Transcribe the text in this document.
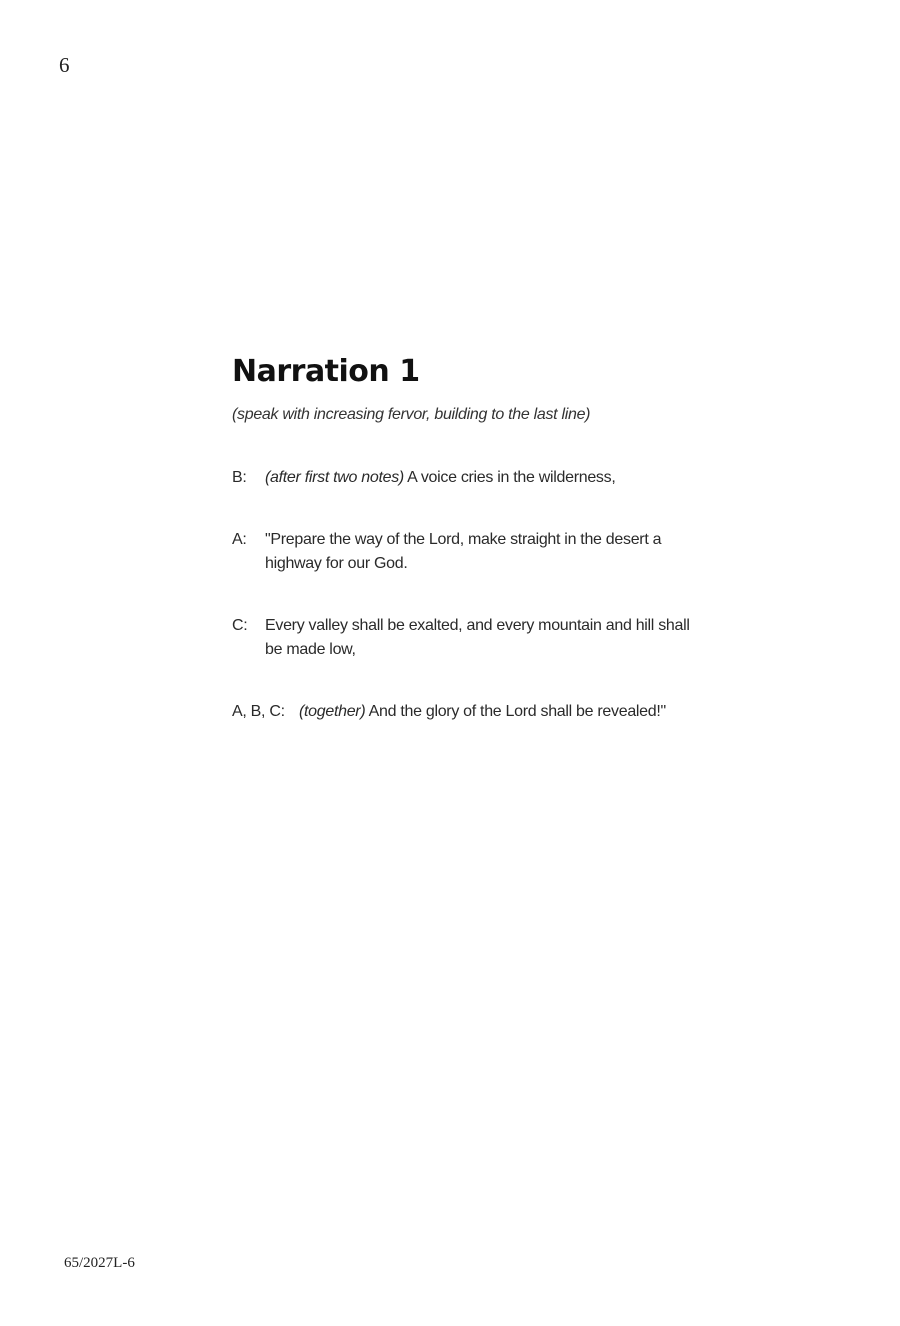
6
Narration 1
(speak with increasing fervor, building to the last line)
B:	(after first two notes) A voice cries in the wilderness,
A:	"Prepare the way of the Lord, make straight in the desert a highway for our God.
C:	Every valley shall be exalted, and every mountain and hill shall be made low,
A, B, C: (together) And the glory of the Lord shall be revealed!"
65/2027L-6
